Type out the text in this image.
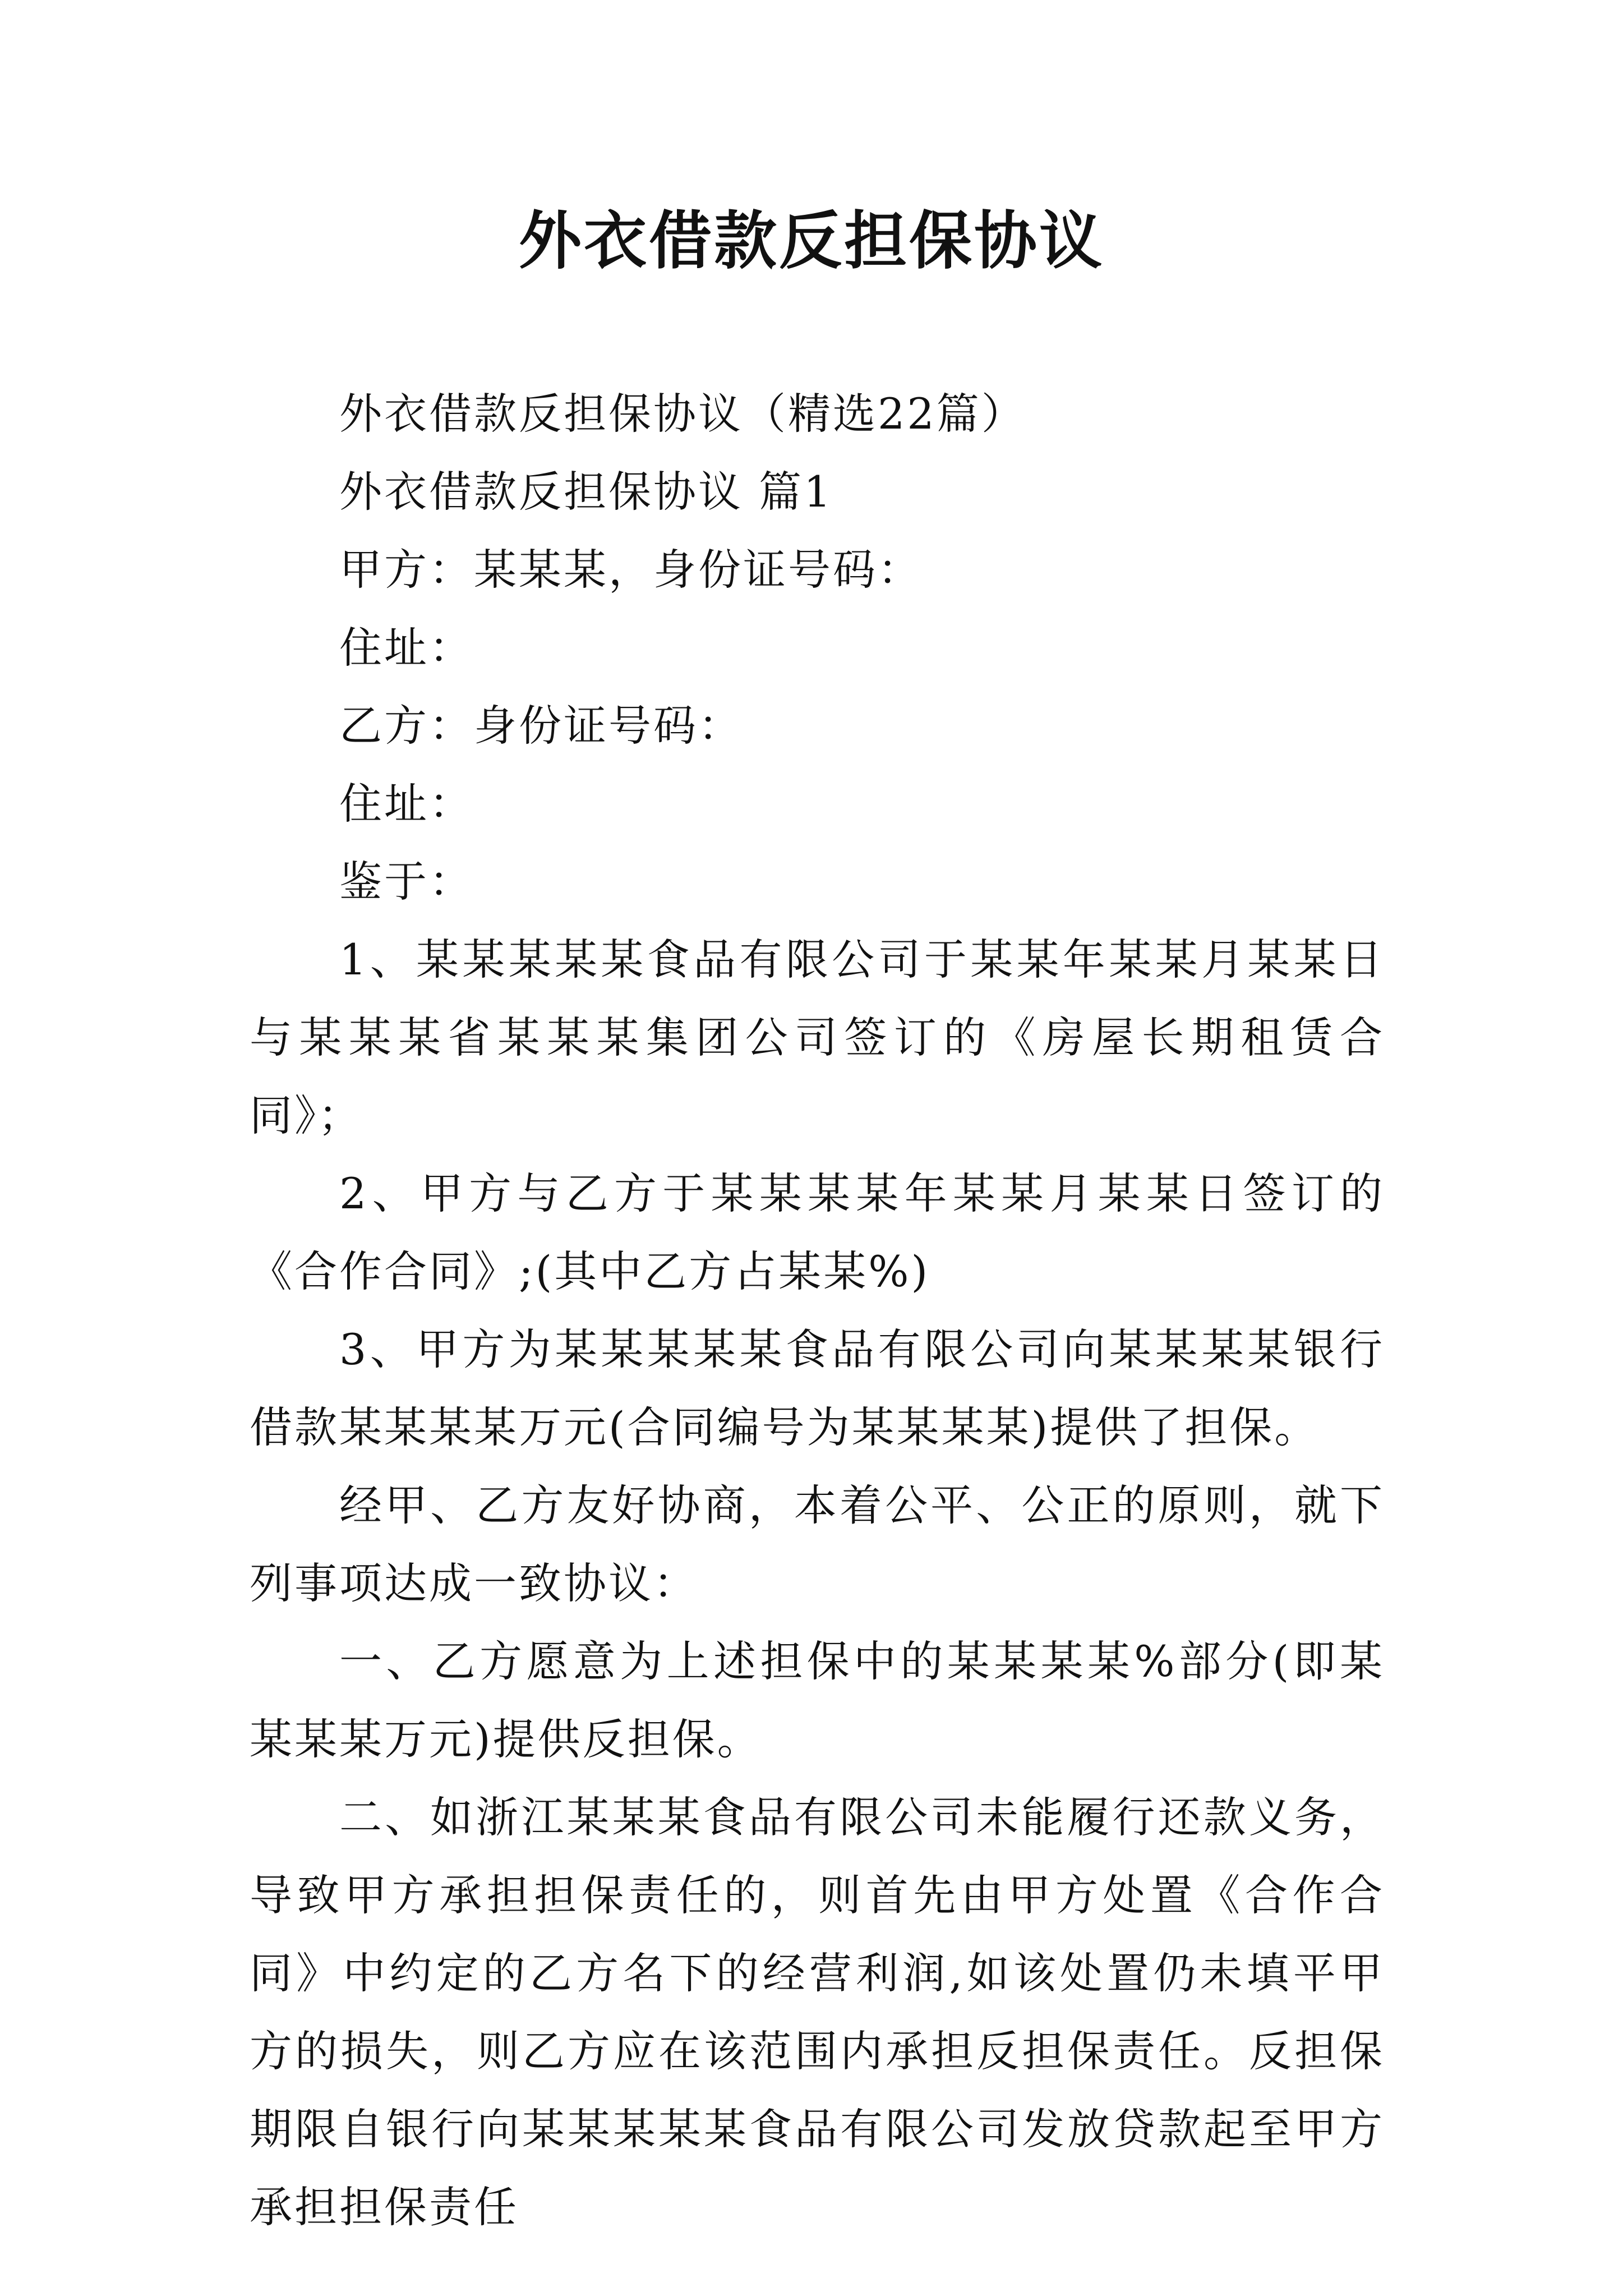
外衣借款反担保协议

外衣借款反担保协议（精选22篇）

外衣借款反担保协议 篇1

甲方：某某某，身份证号码：

住址：

乙方：身份证号码：

住址：

鉴于：

1、某某某某某食品有限公司于某某年某某月某某日与某某某省某某某集团公司签订的《房屋长期租赁合同》；

2、甲方与乙方于某某某某年某某月某某日签订的《合作合同》;(其中乙方占某某%)

3、甲方为某某某某某食品有限公司向某某某某银行借款某某某某万元(合同编号为某某某某)提供了担保。

经甲、乙方友好协商，本着公平、公正的原则，就下列事项达成一致协议：

一、乙方愿意为上述担保中的某某某某%部分(即某某某某万元)提供反担保。

二、如浙江某某某食品有限公司未能履行还款义务，导致甲方承担担保责任的，则首先由甲方处置《合作合同》中约定的乙方名下的经营利润,如该处置仍未填平甲方的损失，则乙方应在该范围内承担反担保责任。反担保期限自银行向某某某某某食品有限公司发放贷款起至甲方承担担保责任
